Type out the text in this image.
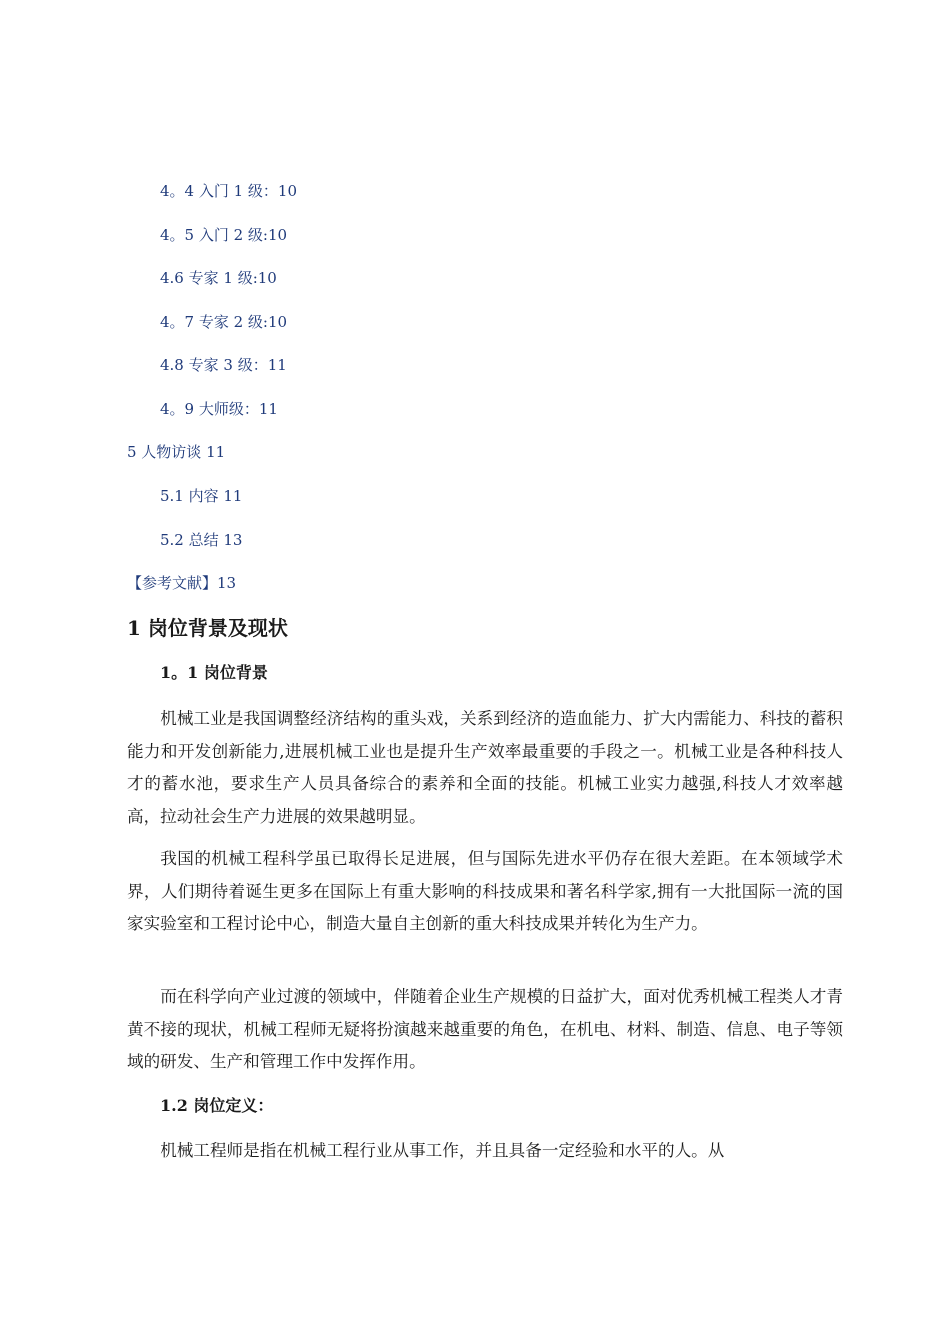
4。4 入门 1 级：10
4。5 入门 2 级:10
4.6 专家 1 级:10
4。7 专家 2 级:10
4.8 专家 3 级：11
4。9 大师级：11
5 人物访谈 11
5.1 内容 11
5.2 总结 13
【参考文献】13
1 岗位背景及现状
1。1 岗位背景

机械工业是我国调整经济结构的重头戏，关系到经济的造血能力、扩大内需能力、科技的蓄积能力和开发创新能力,进展机械工业也是提升生产效率最重要的手段之一。机械工业是各种科技人才的蓄水池，要求生产人员具备综合的素养和全面的技能。机械工业实力越强,科技人才效率越高，拉动社会生产力进展的效果越明显。

我国的机械工程科学虽已取得长足进展，但与国际先进水平仍存在很大差距。在本领域学术界，人们期待着诞生更多在国际上有重大影响的科技成果和著名科学家,拥有一大批国际一流的国家实验室和工程讨论中心，制造大量自主创新的重大科技成果并转化为生产力。

而在科学向产业过渡的领域中，伴随着企业生产规模的日益扩大，面对优秀机械工程类人才青黄不接的现状，机械工程师无疑将扮演越来越重要的角色，在机电、材料、制造、信息、电子等领域的研发、生产和管理工作中发挥作用。

1.2 岗位定义：

机械工程师是指在机械工程行业从事工作，并且具备一定经验和水平的人。从
